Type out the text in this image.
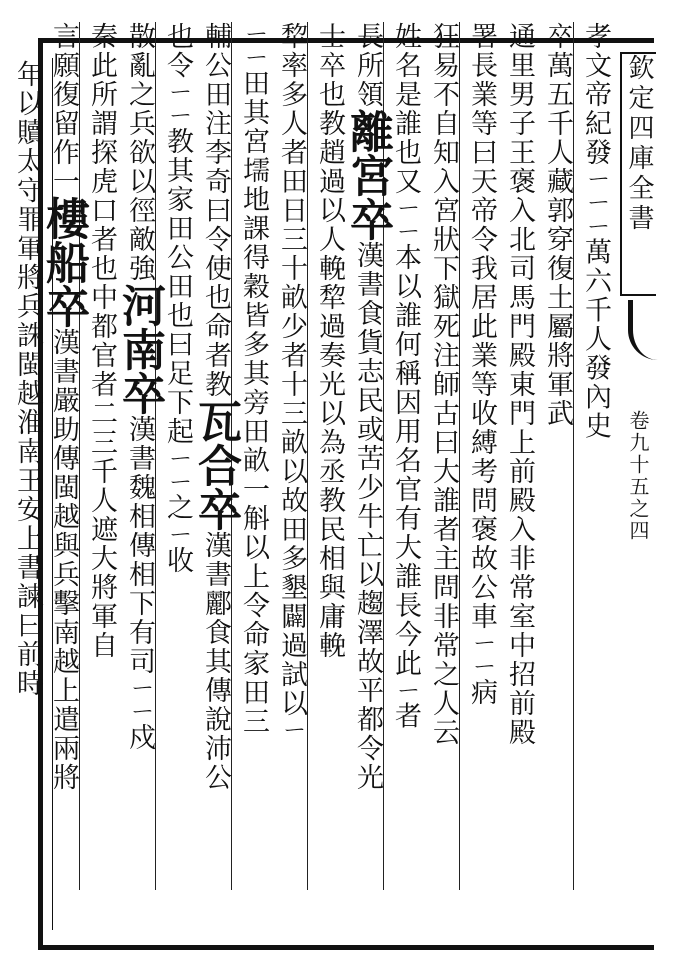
欽定四庫全書
卷九十五之四
孝文帝紀發ㄧㄧㄧ萬六千人發內史
卒萬五千人藏郭穿復土屬將軍武
通里男子王褒入北司馬門殿東門上前殿入非常室中招前殿
署長業等曰天帝令我居此業等收縛考問褒故公車ㄧㄧ病
狂易不自知入宮狀下獄死注師古曰大誰者主問非常之人云
姓名是誰也又ㄧㄧ本以誰何稱因用名官有大誰長今此ㄧ者
長所領離宮卒漢書食貨志民或苦少牛亡以趨澤故平都令光
士卒也教趙過以人輓犂過奏光以為丞教民相與庸輓
犂率多人者田日三十畝少者十三畝以故田多墾闢過試以ㄧ
ㄧㄧ田其宮壖地課得穀皆多其旁田畝一斛以上令命家田三
輔公田注李奇曰令使也命者教瓦合卒漢書酈食其傳說沛公
也令ㄧㄧ教其家田公田也曰足下起ㄧㄧ之ㄧ收
散亂之兵欲以徑敵強河南卒漢書魏相傳相下有司ㄧㄧ戍
秦此所謂探虎口者也中都官者二三千人遮大將軍自
言願復留作一樓船卒漢書嚴助傳閩越與兵擊南越上遣兩將
年以贖太守罪軍將兵誅閩越淮南王安上書諫曰前時
